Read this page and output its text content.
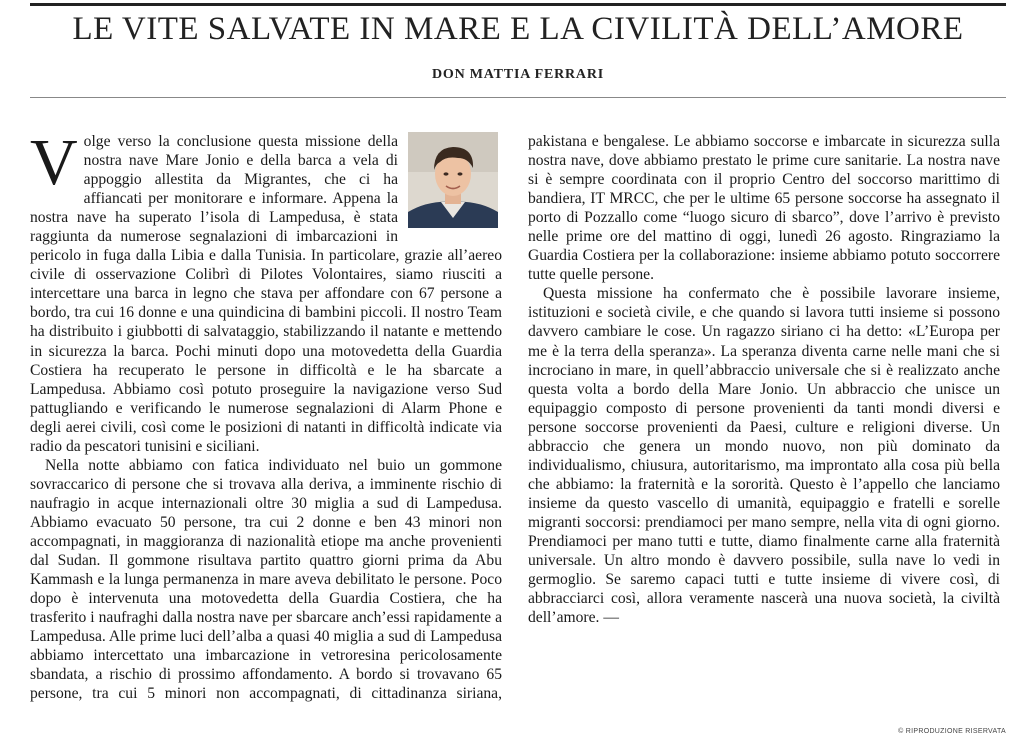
LE VITE SALVATE IN MARE E LA CIVILITÀ DELL’AMORE
DON MATTIA FERRARI

V olge verso la conclusione questa missione della nostra nave Mare Jonio e della barca a vela di appoggio allestita da Migrantes, che ci ha affiancati per monitorare e informare. Appena la nostra nave ha superato l’isola di Lampedusa, è stata raggiunta da numerose segnalazioni di imbarcazioni in pericolo in fuga dalla Libia e dalla Tunisia. In particolare, grazie all’aereo civile di osservazione Colibrì di Pilotes Volontaires, siamo riusciti a intercettare una barca in legno che stava per affondare con 67 persone a bordo, tra cui 16 donne e una quindicina di bambini piccoli. Il nostro Team ha distribuito i giubbotti di salvataggio, stabilizzando il natante e mettendo in sicurezza la barca. Pochi minuti dopo una motovedetta della Guardia Costiera ha recuperato le persone in difficoltà e le ha sbarcate a Lampedusa. Abbiamo così potuto proseguire la navigazione verso Sud pattugliando e verificando le numerose segnalazioni di Alarm Phone e degli aerei civili, così come le posizioni di natanti in difficoltà indicate via radio da pescatori tunisini e siciliani.

Nella notte abbiamo con fatica individuato nel buio un gommone sovraccarico di persone che si trovava alla deriva, a imminente rischio di naufragio in acque internazionali oltre 30 miglia a sud di Lampedusa. Abbiamo evacuato 50 persone, tra cui 2 donne e ben 43 minori non accompagnati, in maggioranza di nazionalità etiope ma anche provenienti dal Sudan. Il gommone risultava partito quattro giorni prima da Abu Kammash e la lunga permanenza in mare aveva debilitato le persone. Poco dopo è intervenuta una motovedetta della Guardia Costiera, che ha trasferito i naufraghi dalla nostra nave per sbarcare anch’essi rapidamente a Lampedusa. Alle prime luci dell’alba a quasi 40 miglia a sud di Lampedusa abbiamo intercettato una imbarcazione in vetroresina pericolosamente sbandata, a rischio di prossimo affondamento. A bordo si trovavano 65 persone, tra cui 5 minori non accompagnati, di cittadinanza siriana, pakistana e bengalese. Le abbiamo soccorse e imbarcate in sicurezza sulla nostra nave, dove abbiamo prestato le prime cure sanitarie. La nostra nave si è sempre coordinata con il proprio Centro del soccorso marittimo di bandiera, IT MRCC, che per le ultime 65 persone soccorse ha assegnato il porto di Pozzallo come “luogo sicuro di sbarco”, dove l’arrivo è previsto nelle prime ore del mattino di oggi, lunedì 26 agosto. Ringraziamo la Guardia Costiera per la collaborazione: insieme abbiamo potuto soccorrere tutte quelle persone.

Questa missione ha confermato che è possibile lavorare insieme, istituzioni e società civile, e che quando si lavora tutti insieme si possono davvero cambiare le cose. Un ragazzo siriano ci ha detto: «L’Europa per me è la terra della speranza». La speranza diventa carne nelle mani che si incrociano in mare, in quell’abbraccio universale che si è realizzato anche questa volta a bordo della Mare Jonio. Un abbraccio che unisce un equipaggio composto di persone provenienti da tanti mondi diversi e persone soccorse provenienti da Paesi, culture e religioni diverse. Un abbraccio che genera un mondo nuovo, non più dominato da individualismo, chiusura, autoritarismo, ma improntato alla cosa più bella che abbiamo: la fraternità e la sororità. Questo è l’appello che lanciamo insieme da questo vascello di umanità, equipaggio e fratelli e sorelle migranti soccorsi: prendiamoci per mano sempre, nella vita di ogni giorno. Prendiamoci per mano tutti e tutte, diamo finalmente carne alla fraternità universale. Un altro mondo è davvero possibile, sulla nave lo vedi in germoglio. Se saremo capaci tutti e tutte insieme di vivere così, di abbracciarci così, allora veramente nascerà una nuova società, la civiltà dell’amore. —

© RIPRODUZIONE RISERVATA
